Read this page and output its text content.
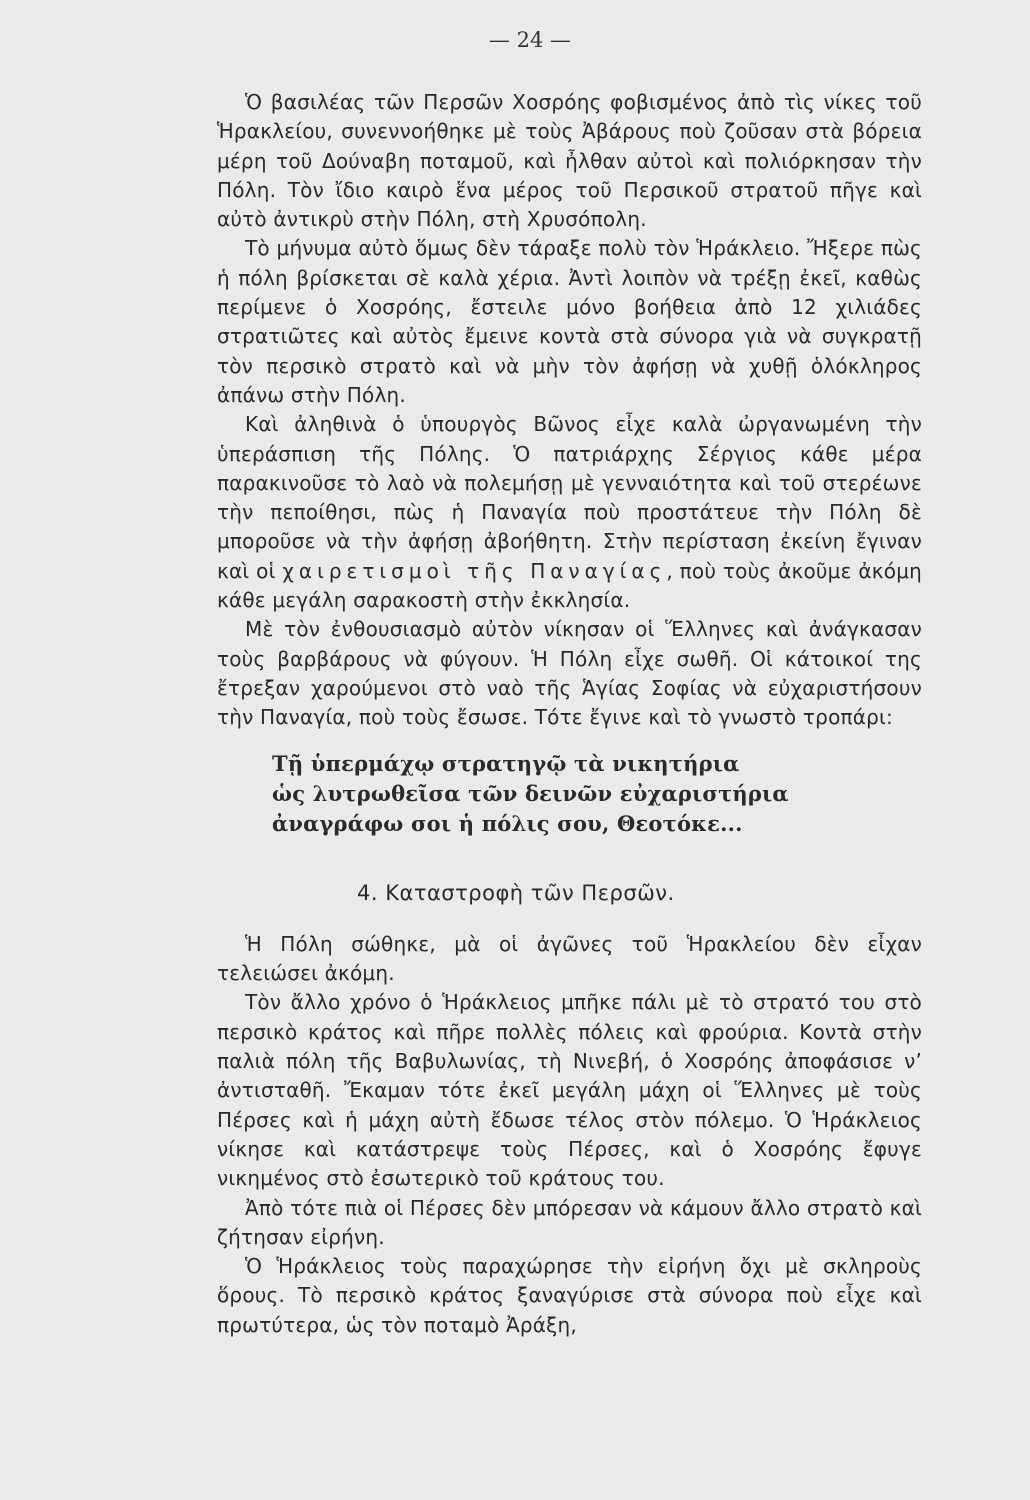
— 24 —

Ὁ βασιλέας τῶν Περσῶν Χοσρόης φοβισμένος ἀπὸ τὶς νίκες τοῦ Ἡρακλείου, συνεννοήθηκε μὲ τοὺς Ἀβάρους ποὺ ζοῦσαν στὰ βόρεια μέρη τοῦ Δούναβη ποταμοῦ, καὶ ἦλθαν αὐτοὶ καὶ πολιόρκησαν τὴν Πόλη. Τὸν ἴδιο καιρὸ ἕνα μέρος τοῦ Περσικοῦ στρατοῦ πῆγε καὶ αὐτὸ ἀντικρὺ στὴν Πόλη, στὴ Χρυσόπολη.

Τὸ μήνυμα αὐτὸ ὅμως δὲν τάραξε πολὺ τὸν Ἡράκλειο. Ἤξερε πὼς ἡ πόλη βρίσκεται σὲ καλὰ χέρια. Ἀντὶ λοιπὸν νὰ τρέξῃ ἐκεῖ, καθὼς περίμενε ὁ Χοσρόης, ἔστειλε μόνο βοήθεια ἀπὸ 12 χιλιάδες στρατιῶτες καὶ αὐτὸς ἔμεινε κοντὰ στὰ σύνορα γιὰ νὰ συγκρατῇ τὸν περσικὸ στρατὸ καὶ νὰ μὴν τὸν ἀφήσῃ νὰ χυθῇ ὁλόκληρος ἀπάνω στὴν Πόλη.

Καὶ ἀληθινὰ ὁ ὑπουργὸς Βῶνος εἶχε καλὰ ὠργανωμένη τὴν ὑπεράσπιση τῆς Πόλης. Ὁ πατριάρχης Σέργιος κάθε μέρα παρακινοῦσε τὸ λαὸ νὰ πολεμήσῃ μὲ γενναιότητα καὶ τοῦ στερέωνε τὴν πεποίθησι, πὼς ἡ Παναγία ποὺ προστάτευε τὴν Πόλη δὲ μποροῦσε νὰ τὴν ἀφήσῃ ἀβοήθητη. Στὴν περίσταση ἐκείνη ἔγιναν καὶ οἱ χαιρετισμοὶ τῆς Παναγίας, ποὺ τοὺς ἀκοῦμε ἀκόμη κάθε μεγάλη σαρακοστὴ στὴν ἐκκλησία.

Μὲ τὸν ἐνθουσιασμὸ αὐτὸν νίκησαν οἱ Ἕλληνες καὶ ἀνάγκασαν τοὺς βαρβάρους νὰ φύγουν. Ἡ Πόλη εἶχε σωθῆ. Οἱ κάτοικοί της ἔτρεξαν χαρούμενοι στὸ ναὸ τῆς Ἁγίας Σοφίας νὰ εὐχαριστήσουν τὴν Παναγία, ποὺ τοὺς ἔσωσε. Τότε ἔγινε καὶ τὸ γνωστὸ τροπάρι:

Τῇ ὑπερμάχῳ στρατηγῷ τὰ νικητήρια
ὡς λυτρωθεῖσα τῶν δεινῶν εὐχαριστήρια
ἀναγράφω σοι ἡ πόλις σου, Θεοτόκε...
4. Καταστροφὴ τῶν Περσῶν.

Ἡ Πόλη σώθηκε, μὰ οἱ ἀγῶνες τοῦ Ἡρακλείου δὲν εἶχαν τελειώσει ἀκόμη.

Τὸν ἄλλο χρόνο ὁ Ἡράκλειος μπῆκε πάλι μὲ τὸ στρατό του στὸ περσικὸ κράτος καὶ πῆρε πολλὲς πόλεις καὶ φρούρια. Κοντὰ στὴν παλιὰ πόλη τῆς Βαβυλωνίας, τὴ Νινεβή, ὁ Χοσρόης ἀποφάσισε ν’ ἀντισταθῆ. Ἔκαμαν τότε ἐκεῖ μεγάλη μάχη οἱ Ἕλληνες μὲ τοὺς Πέρσες καὶ ἡ μάχη αὐτὴ ἔδωσε τέλος στὸν πόλεμο. Ὁ Ἡράκλειος νίκησε καὶ κατάστρεψε τοὺς Πέρσες, καὶ ὁ Χοσρόης ἔφυγε νικημένος στὸ ἐσωτερικὸ τοῦ κράτους του.

Ἀπὸ τότε πιὰ οἱ Πέρσες δὲν μπόρεσαν νὰ κάμουν ἄλλο στρατὸ καὶ ζήτησαν εἰρήνη.

Ὁ Ἡράκλειος τοὺς παραχώρησε τὴν εἰρήνη ὄχι μὲ σκληροὺς ὅρους. Τὸ περσικὸ κράτος ξαναγύρισε στὰ σύνορα ποὺ εἶχε καὶ πρωτύτερα, ὡς τὸν ποταμὸ Ἀράξη,
